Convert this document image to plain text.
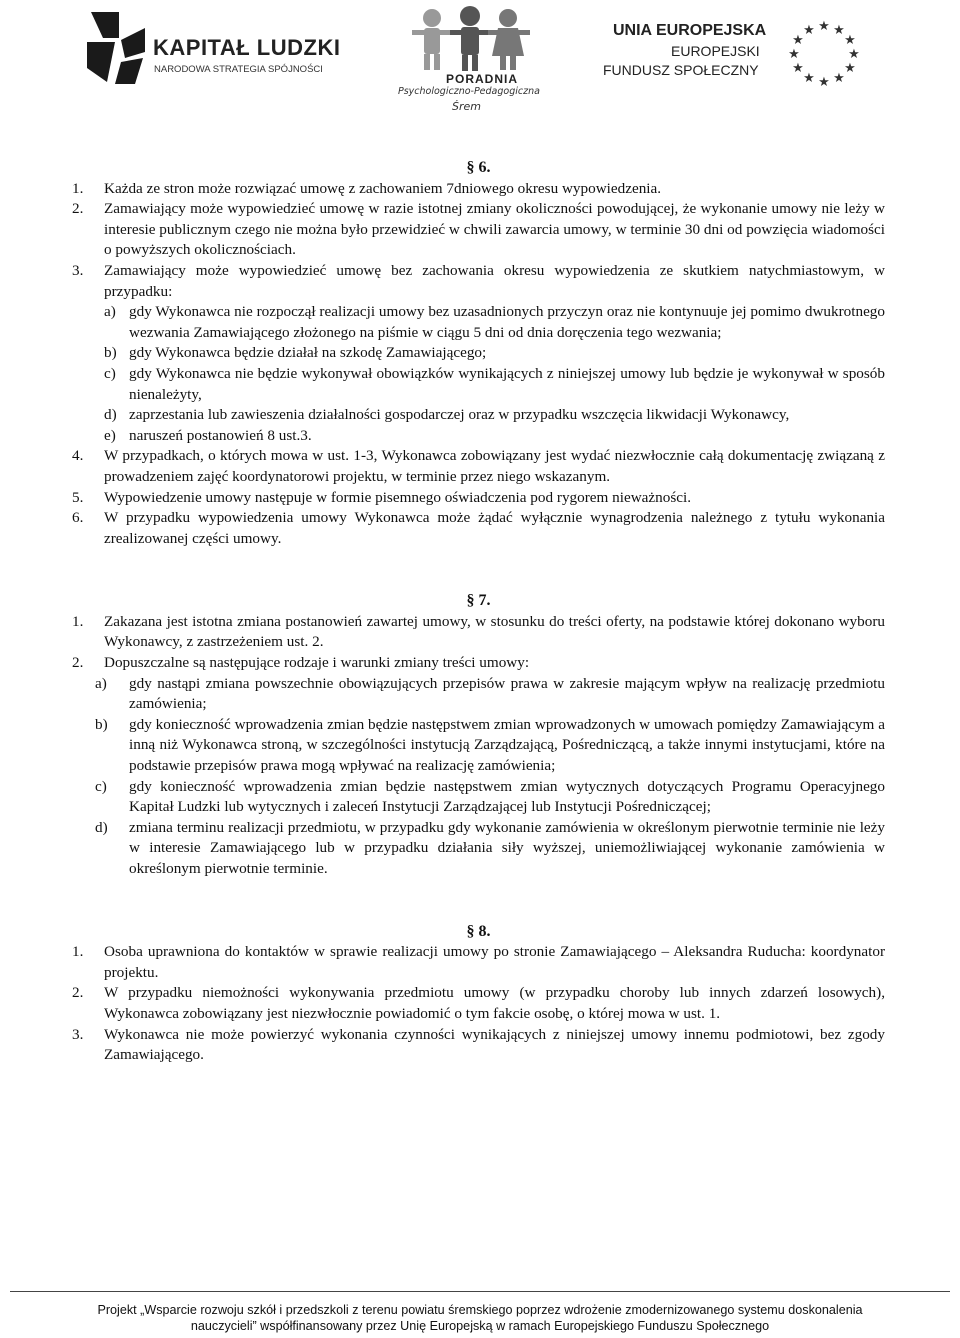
KAPITAŁ LUDZKI
NARODOWA STRATEGIA SPÓJNOŚCI
PORADNIA
Psychologiczno-Pedagogiczna
Śrem
UNIA EUROPEJSKA
EUROPEJSKI
FUNDUSZ SPOŁECZNY
★ ★
★
★
★
★
★
★
★
★
★
★

§ 6.

1. Każda ze stron może rozwiązać umowę z zachowaniem 7dniowego okresu wypowiedzenia.
2. Zamawiający może wypowiedzieć umowę w razie istotnej zmiany okoliczności powodującej, że wykonanie umowy nie leży w interesie publicznym czego nie można było przewidzieć w chwili zawarcia umowy, w terminie 30 dni od powzięcia wiadomości o powyższych okolicznościach.
3. Zamawiający może wypowiedzieć umowę bez zachowania okresu wypowiedzenia ze skutkiem natychmiastowym, w przypadku:
a) gdy Wykonawca nie rozpoczął realizacji umowy bez uzasadnionych przyczyn oraz nie kontynuuje jej pomimo dwukrotnego wezwania Zamawiającego złożonego na piśmie w ciągu 5 dni od dnia doręczenia tego wezwania;
b) gdy Wykonawca będzie działał na szkodę Zamawiającego;
c) gdy Wykonawca nie będzie wykonywał obowiązków wynikających z niniejszej umowy lub będzie je wykonywał w sposób nienależyty,
d) zaprzestania lub zawieszenia działalności gospodarczej oraz w przypadku wszczęcia likwidacji Wykonawcy,
e) naruszeń postanowień 8 ust.3.
4. W przypadkach, o których mowa w ust. 1-3, Wykonawca zobowiązany jest wydać niezwłocznie całą dokumentację związaną z prowadzeniem zajęć koordynatorowi projektu, w terminie przez niego wskazanym.
5. Wypowiedzenie umowy następuje w formie pisemnego oświadczenia pod rygorem nieważności.
6. W przypadku wypowiedzenia umowy Wykonawca może żądać wyłącznie wynagrodzenia należnego z tytułu wykonania zrealizowanej części umowy.

§ 7.

1. Zakazana jest istotna zmiana postanowień zawartej umowy, w stosunku do treści oferty, na podstawie której dokonano wyboru Wykonawcy, z zastrzeżeniem ust. 2.
2. Dopuszczalne są następujące rodzaje i warunki zmiany treści umowy:
a) gdy nastąpi zmiana powszechnie obowiązujących przepisów prawa w zakresie mającym wpływ na realizację przedmiotu zamówienia;
b) gdy konieczność wprowadzenia zmian będzie następstwem zmian wprowadzonych w umowach pomiędzy Zamawiającym a inną niż Wykonawca stroną, w szczególności instytucją Zarządzającą, Pośredniczącą, a także innymi instytucjami, które na podstawie przepisów prawa mogą wpływać na realizację zamówienia;
c) gdy konieczność wprowadzenia zmian będzie następstwem zmian wytycznych dotyczących Programu Operacyjnego Kapitał Ludzki lub wytycznych i zaleceń Instytucji Zarządzającej lub Instytucji Pośredniczącej;
d) zmiana terminu realizacji przedmiotu, w przypadku gdy wykonanie zamówienia w określonym pierwotnie terminie nie leży w interesie Zamawiającego lub w przypadku działania siły wyższej, uniemożliwiającej wykonanie zamówienia w określonym pierwotnie terminie.

§ 8.

1. Osoba uprawniona do kontaktów w sprawie realizacji umowy po stronie Zamawiającego – Aleksandra Ruducha: koordynator projektu.
2. W przypadku niemożności wykonywania przedmiotu umowy (w przypadku choroby lub innych zdarzeń losowych), Wykonawca zobowiązany jest niezwłocznie powiadomić o tym fakcie osobę, o której mowa w ust. 1.
3. Wykonawca nie może powierzyć wykonania czynności wynikających z niniejszej umowy innemu podmiotowi, bez zgody Zamawiającego.
Projekt „Wsparcie rozwoju szkół i przedszkoli z terenu powiatu śremskiego poprzez wdrożenie zmodernizowanego systemu doskonalenia
nauczycieli” współfinansowany przez Unię Europejską w ramach Europejskiego Funduszu Społecznego
